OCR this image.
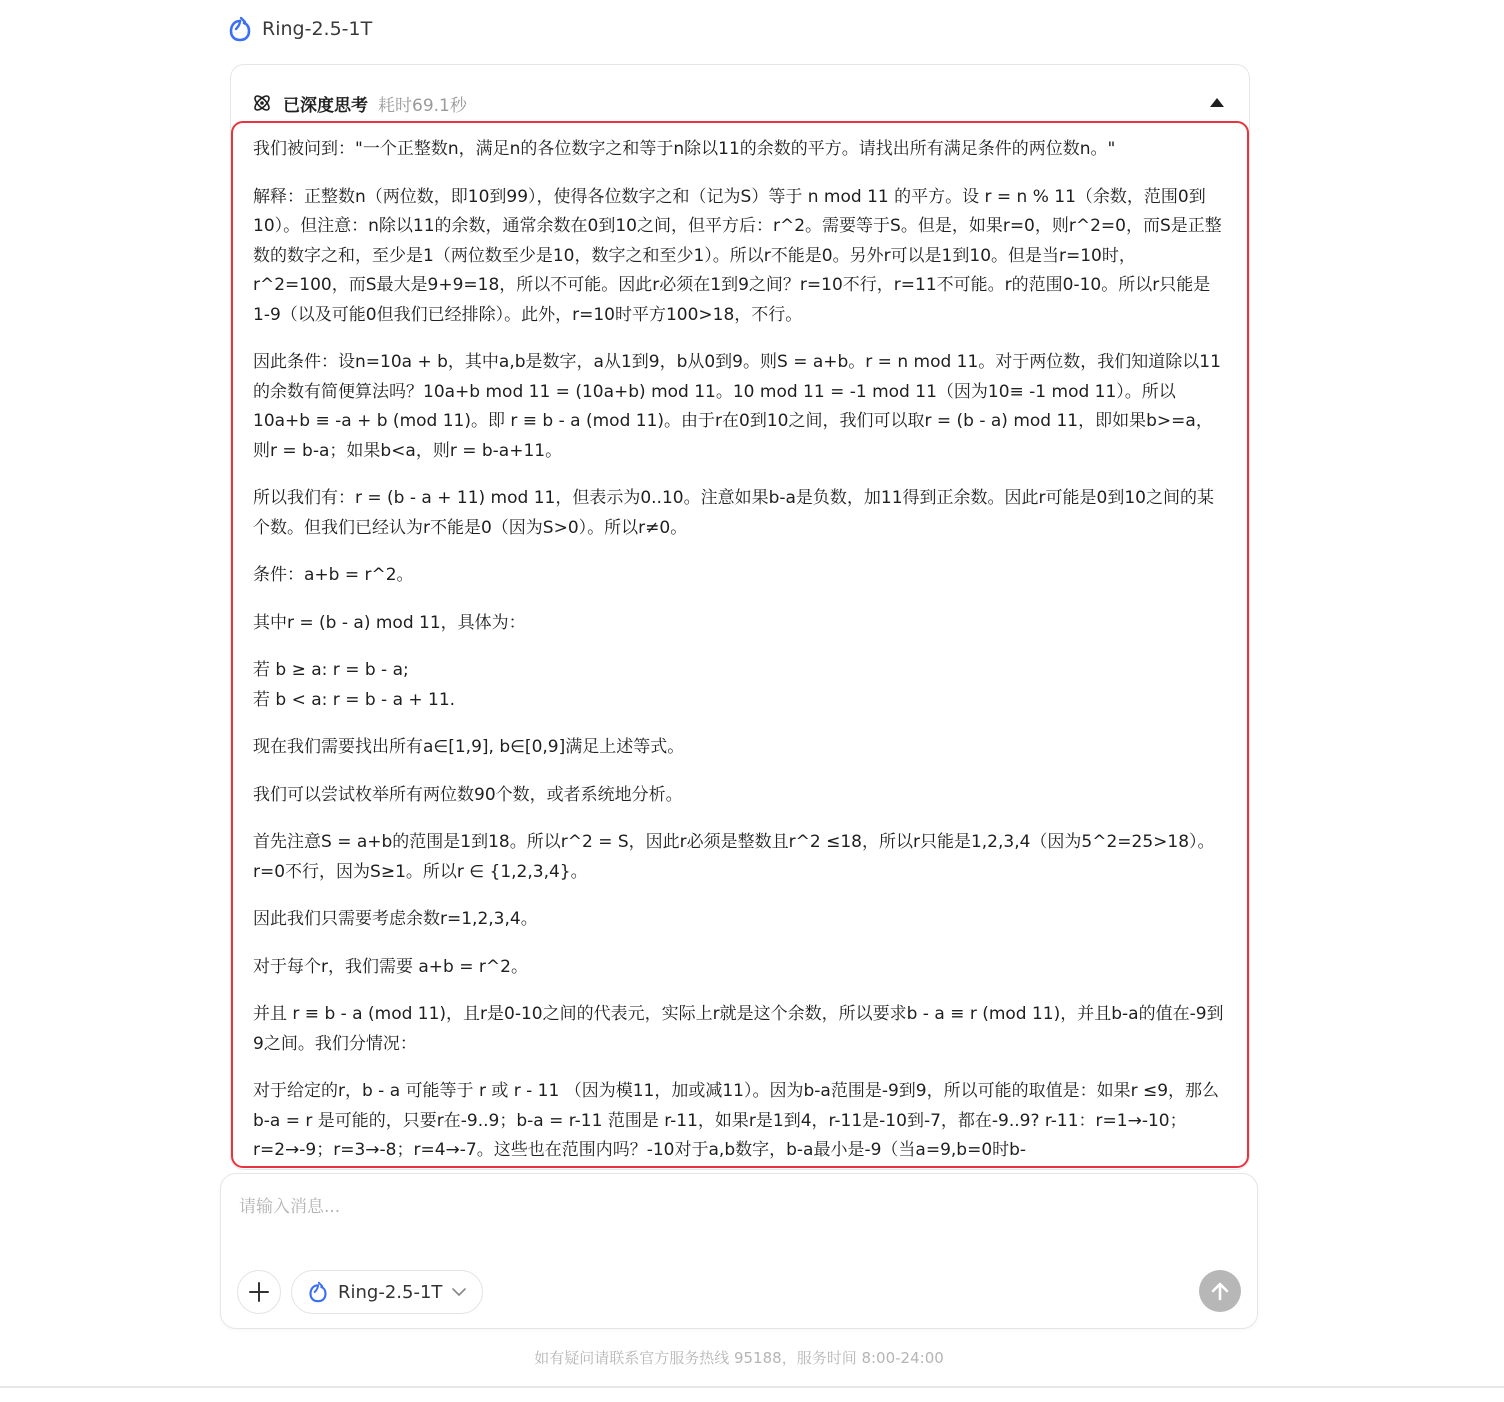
Ring-2.5-1T
已深度思考 耗时69.1秒

我们被问到："一个正整数n，满足n的各位数字之和等于n除以11的余数的平方。请找出所有满足条件的两位数n。"

解释：正整数n（两位数，即10到99），使得各位数字之和（记为S）等于 n mod 11 的平方。设 r = n % 11（余数，范围0到10）。但注意：n除以11的余数，通常余数在0到10之间，但平方后：r^2。需要等于S。但是，如果r=0，则r^2=0，而S是正整数的数字之和，至少是1（两位数至少是10，数字之和至少1）。所以r不能是0。另外r可以是1到10。但是当r=10时，r^2=100，而S最大是9+9=18，所以不可能。因此r必须在1到9之间？r=10不行，r=11不可能。r的范围0-10。所以r只能是1-9（以及可能0但我们已经排除）。此外，r=10时平方100>18，不行。

因此条件：设n=10a + b，其中a,b是数字，a从1到9，b从0到9。则S = a+b。r = n mod 11。对于两位数，我们知道除以11的余数有简便算法吗？10a+b mod 11 = (10a+b) mod 11。10 mod 11 = -1 mod 11（因为10≡ -1 mod 11）。所以10a+b ≡ -a + b (mod 11)。即 r ≡ b - a (mod 11)。由于r在0到10之间，我们可以取r = (b - a) mod 11，即如果b>=a，则r = b-a；如果b<a，则r = b-a+11。

所以我们有：r = (b - a + 11) mod 11，但表示为0..10。注意如果b-a是负数，加11得到正余数。因此r可能是0到10之间的某个数。但我们已经认为r不能是0（因为S>0）。所以r≠0。

条件：a+b = r^2。

其中r = (b - a) mod 11，具体为：

若 b ≥ a: r = b - a;
若 b < a: r = b - a + 11.

现在我们需要找出所有a∈[1,9], b∈[0,9]满足上述等式。

我们可以尝试枚举所有两位数90个数，或者系统地分析。

首先注意S = a+b的范围是1到18。所以r^2 = S，因此r必须是整数且r^2 ≤18，所以r只能是1,2,3,4（因为5^2=25>18）。r=0不行，因为S≥1。所以r ∈ {1,2,3,4}。

因此我们只需要考虑余数r=1,2,3,4。

对于每个r，我们需要 a+b = r^2。

并且 r ≡ b - a (mod 11)，且r是0-10之间的代表元，实际上r就是这个余数，所以要求b - a ≡ r (mod 11)，并且b-a的值在-9到9之间。我们分情况：

对于给定的r，b - a 可能等于 r 或 r - 11 （因为模11，加或减11）。因为b-a范围是-9到9，所以可能的取值是：如果r ≤9，那么b-a = r 是可能的，只要r在-9..9；b-a = r-11 范围是 r-11，如果r是1到4，r-11是-10到-7，都在-9..9? r-11：r=1→-10；r=2→-9；r=3→-8；r=4→-7。这些也在范围内吗？-10对于a,b数字，b-a最小是-9（当a=9,b=0时b-

请输入消息...
Ring-2.5-1T
如有疑问请联系官方服务热线 95188，服务时间 8:00-24:00
